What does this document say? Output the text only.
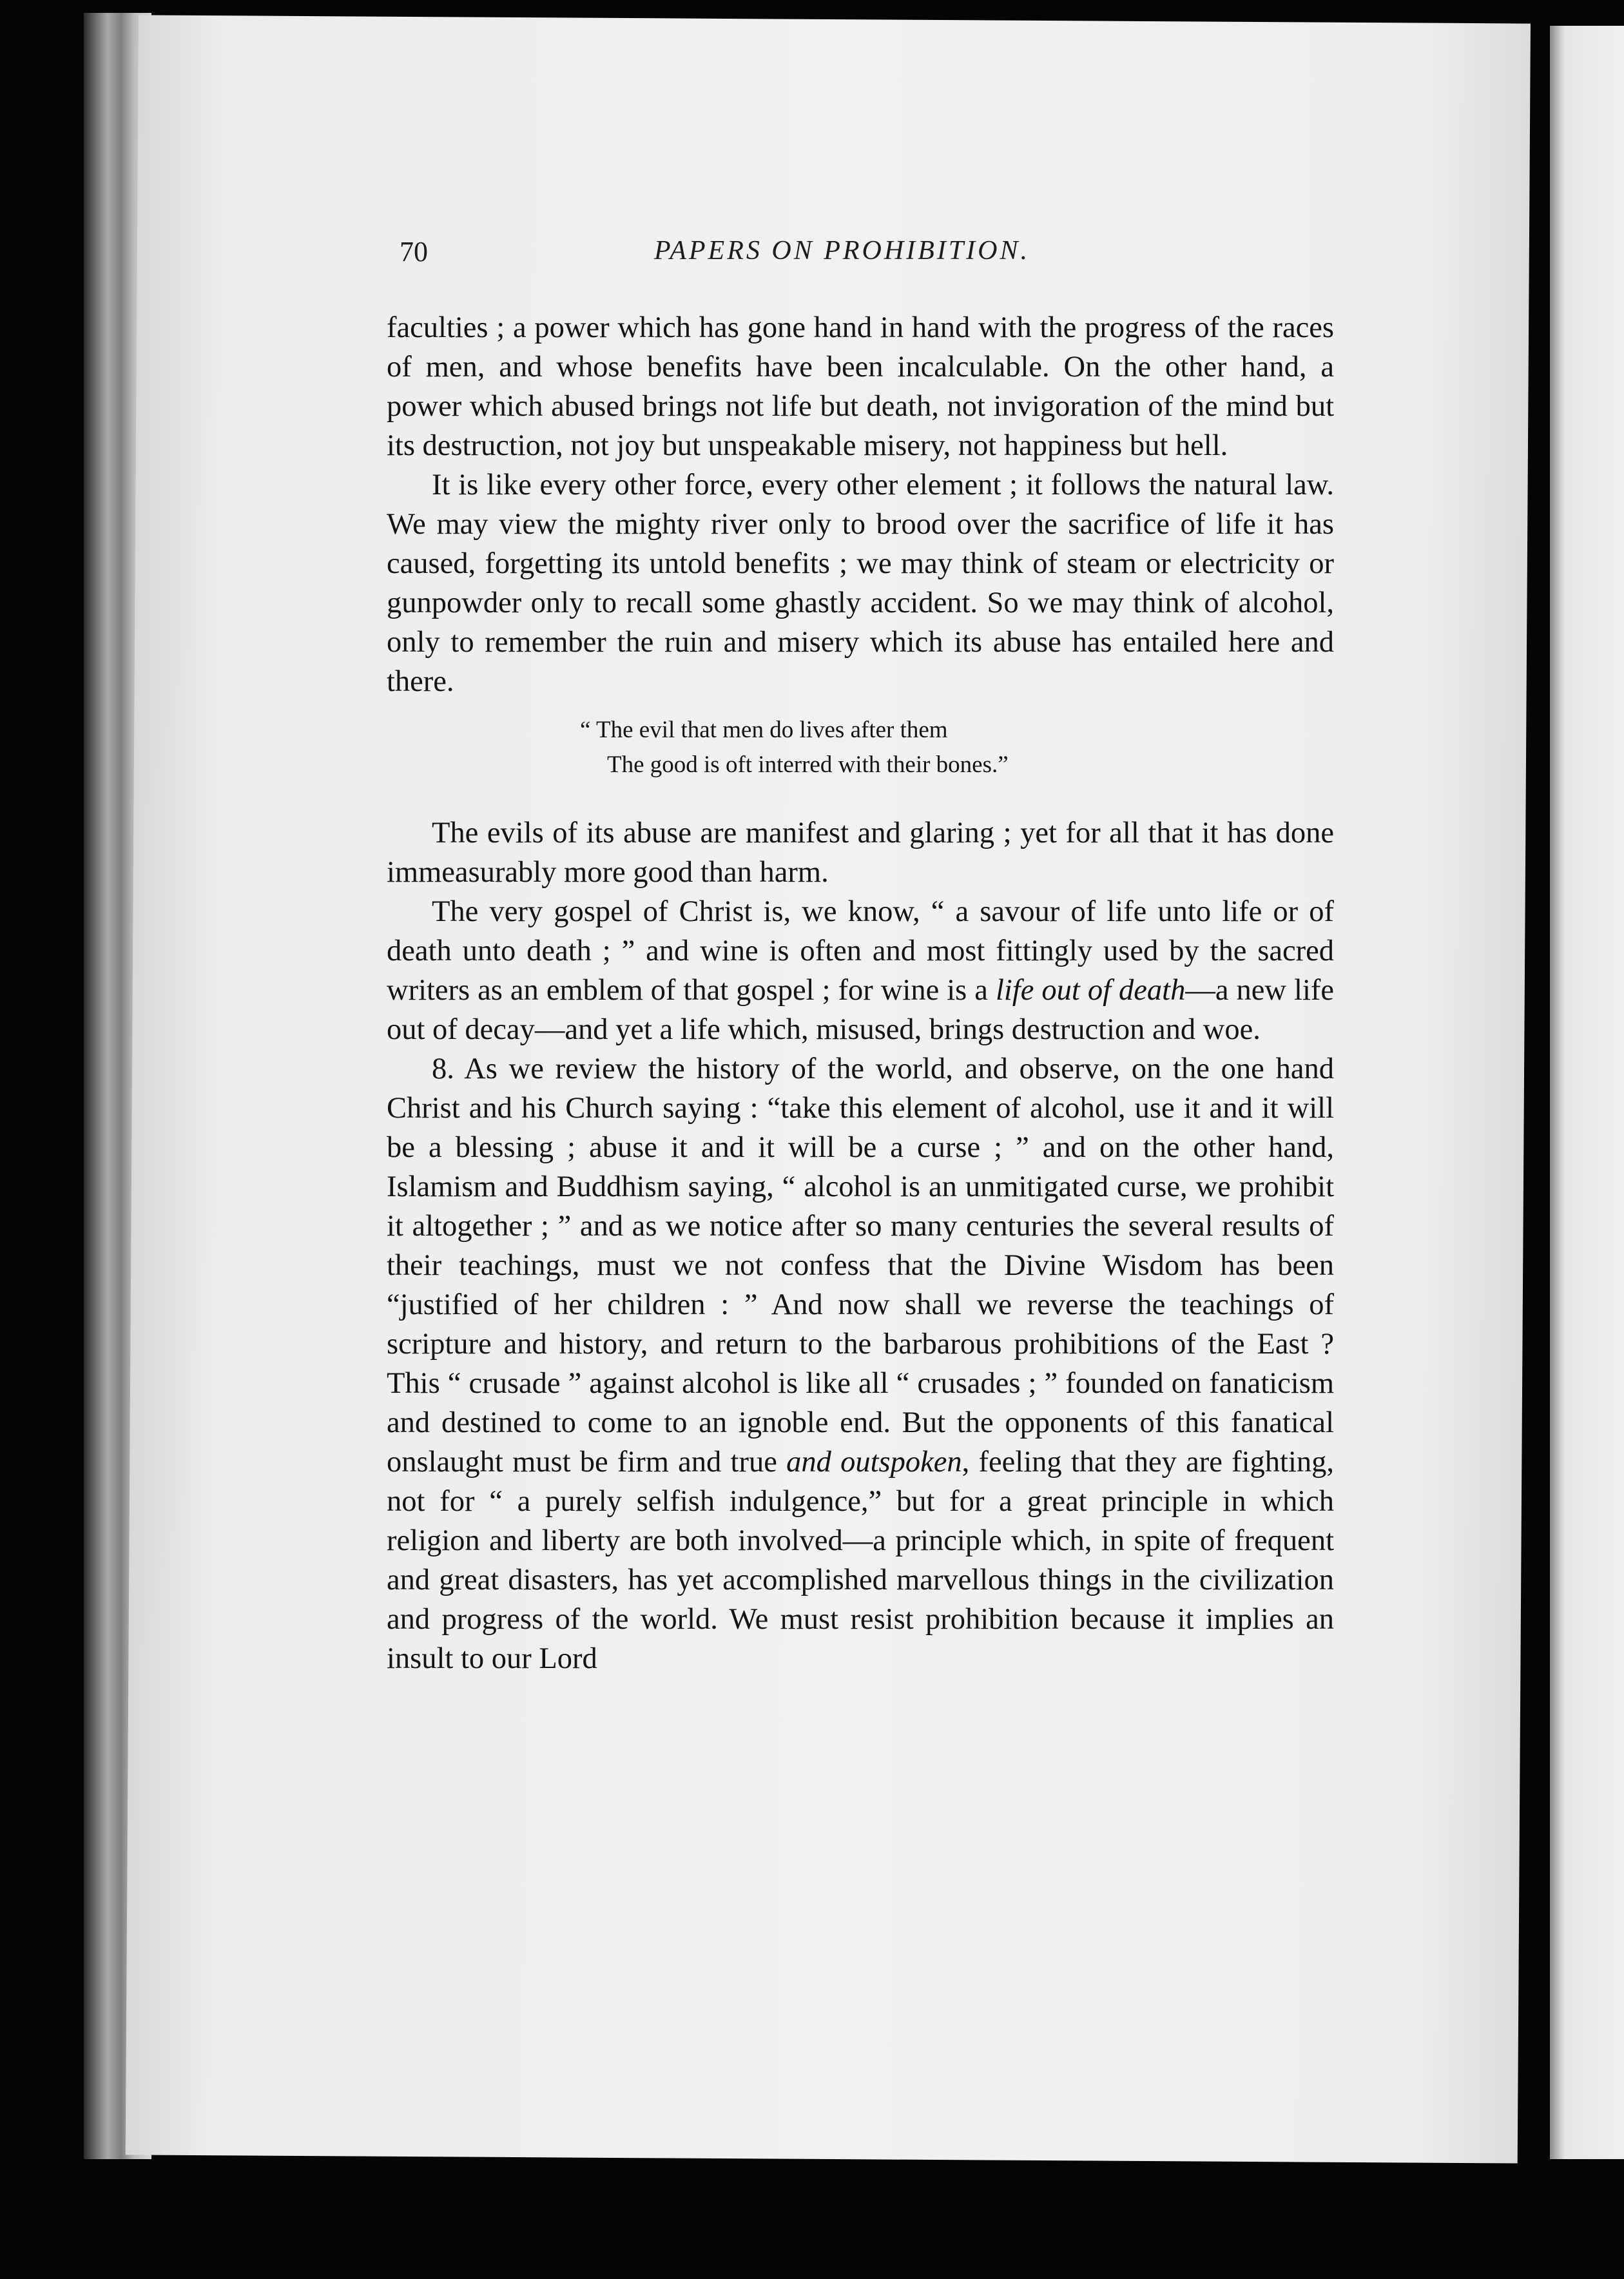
70	PAPERS ON PROHIBITION.

faculties ; a power which has gone hand in hand with the progress of the races of men, and whose benefits have been incalculable. On the other hand, a power which abused brings not life but death, not invigoration of the mind but its destruction, not joy but unspeakable misery, not happiness but hell.

It is like every other force, every other element ; it follows the natural law. We may view the mighty river only to brood over the sacrifice of life it has caused, forgetting its untold benefits ; we may think of steam or electricity or gunpowder only to recall some ghastly accident. So we may think of alcohol, only to remember the ruin and misery which its abuse has entailed here and there.

“ The evil that men do lives after them
The good is oft interred with their bones.”

The evils of its abuse are manifest and glaring ; yet for all that it has done immeasurably more good than harm.

The very gospel of Christ is, we know, “ a savour of life unto life or of death unto death ; ” and wine is often and most fittingly used by the sacred writers as an emblem of that gospel ; for wine is a life out of death—a new life out of decay—and yet a life which, misused, brings destruction and woe.

8. As we review the history of the world, and observe, on the one hand Christ and his Church saying : “take this element of alcohol, use it and it will be a blessing ; abuse it and it will be a curse ; ” and on the other hand, Islamism and Buddhism saying, “ alcohol is an unmitigated curse, we prohibit it altogether ; ” and as we notice after so many centuries the several results of their teachings, must we not confess that the Divine Wisdom has been “justified of her children : ” And now shall we reverse the teachings of scripture and history, and return to the barbarous prohibitions of the East ? This “ crusade ” against alcohol is like all “ crusades ; ” founded on fanaticism and destined to come to an ignoble end. But the opponents of this fanatical onslaught must be firm and true and outspoken, feeling that they are fighting, not for “ a purely selfish indulgence,” but for a great principle in which religion and liberty are both involved—a principle which, in spite of frequent and great disasters, has yet accomplished marvellous things in the civilization and progress of the world. We must resist prohibition because it implies an insult to our Lord
